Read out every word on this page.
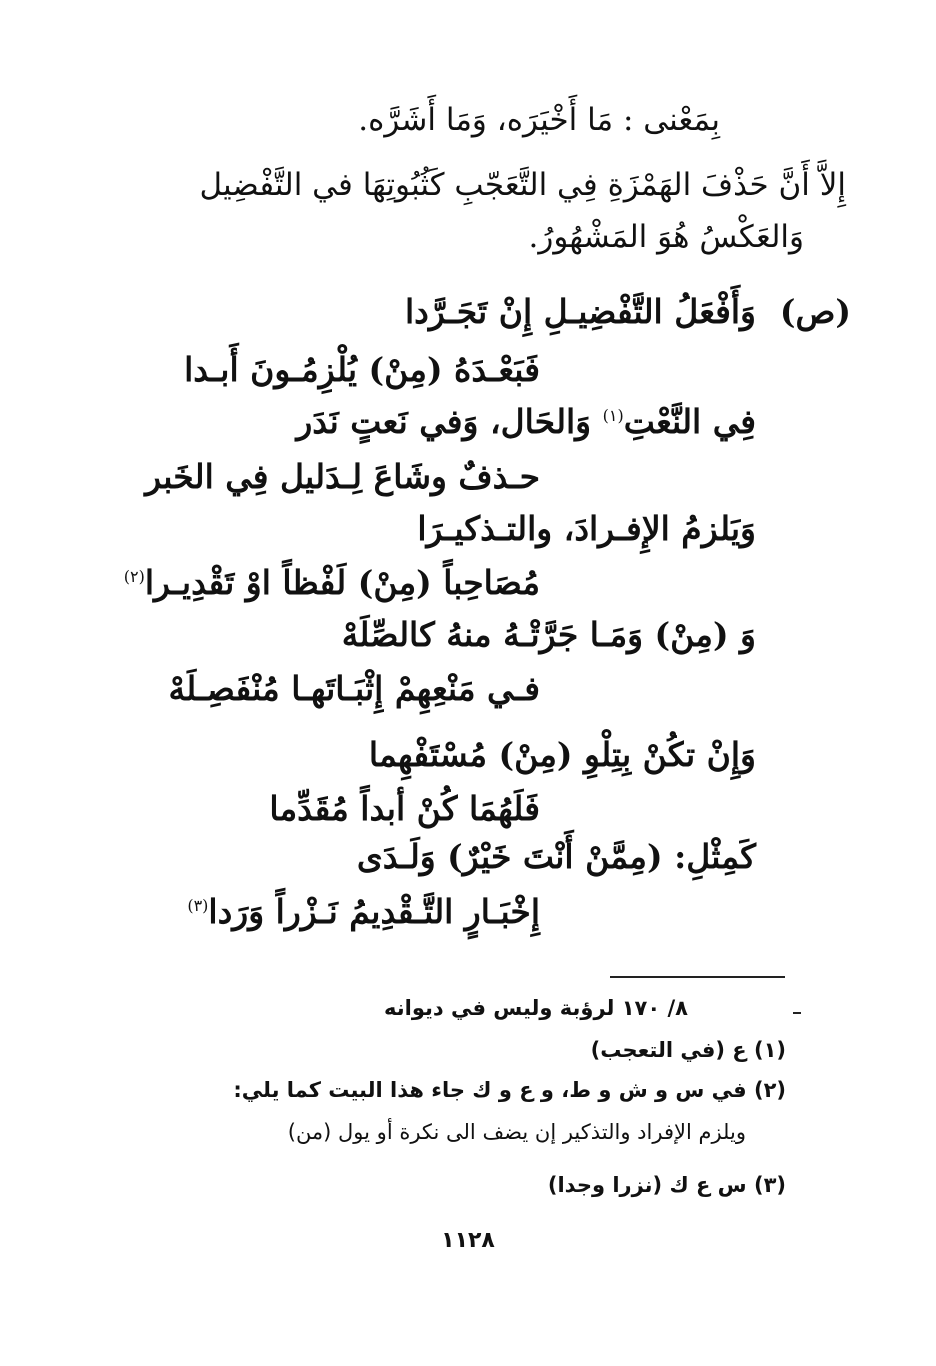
بِمَعْنى : مَا أَخْيَرَه، وَمَا أَشَرَّه.
إِلاَّ أَنَّ حَذْفَ الهَمْزَةِ فِي التَّعَجّبِ كَثُبُوتِهَا في التَّفْضِيل
وَالعَكْسُ هُوَ المَشْهُورُ.
(ص)
وَأَفْعَلُ التَّفْضِيـلِ إِنْ تَجَـرَّدا
فَبَعْـدَهُ (مِنْ) يُلْزِمُـونَ أَبـدا
فِي النَّعْتِ$^{(١)}$ وَالحَال، وَفي نَعتٍ نَدَر
حـذفٌ وشَاعَ لِـدَليل فِي الخَبر
وَيَلزمُ الإِفـرادَ، والتـذكيـرَا
مُصَاحِباً (مِنْ) لَفْظاً اوْ تَقْدِيـرا$^{(٢)}$
وَ (مِنْ) وَمَـا جَرَّتْـهُ منهُ كالصِّلَهْ
فـي مَنْعِهِمْ إِثْبَـاتَهـا مُنْفَصِـلَهْ
وَإِنْ تكُنْ بِتِلْوِ (مِنْ) مُسْتَفْهِما
فَلَهُمَا كُنْ أبداً مُقَدِّما
كَمِثْلِ: (مِمَّنْ أَنْتَ خَيْرٌ) وَلَـدَى
إِخْبَـارٍ التَّـقْدِيمُ نَـزْراً وَرَدا$^{(٣)}$
٨/ ١٧٠ لرؤبة وليس في ديوانه
(١) ع (في التعجب)
(٢) في س و ش و ط، و ع و ك جاء هذا البيت كما يلي:
ويلزم الإفراد والتذكير إن يضف الى نكرة أو يول (من)
(٣) س ع ك (نزرا وجدا)
١١٢٨
